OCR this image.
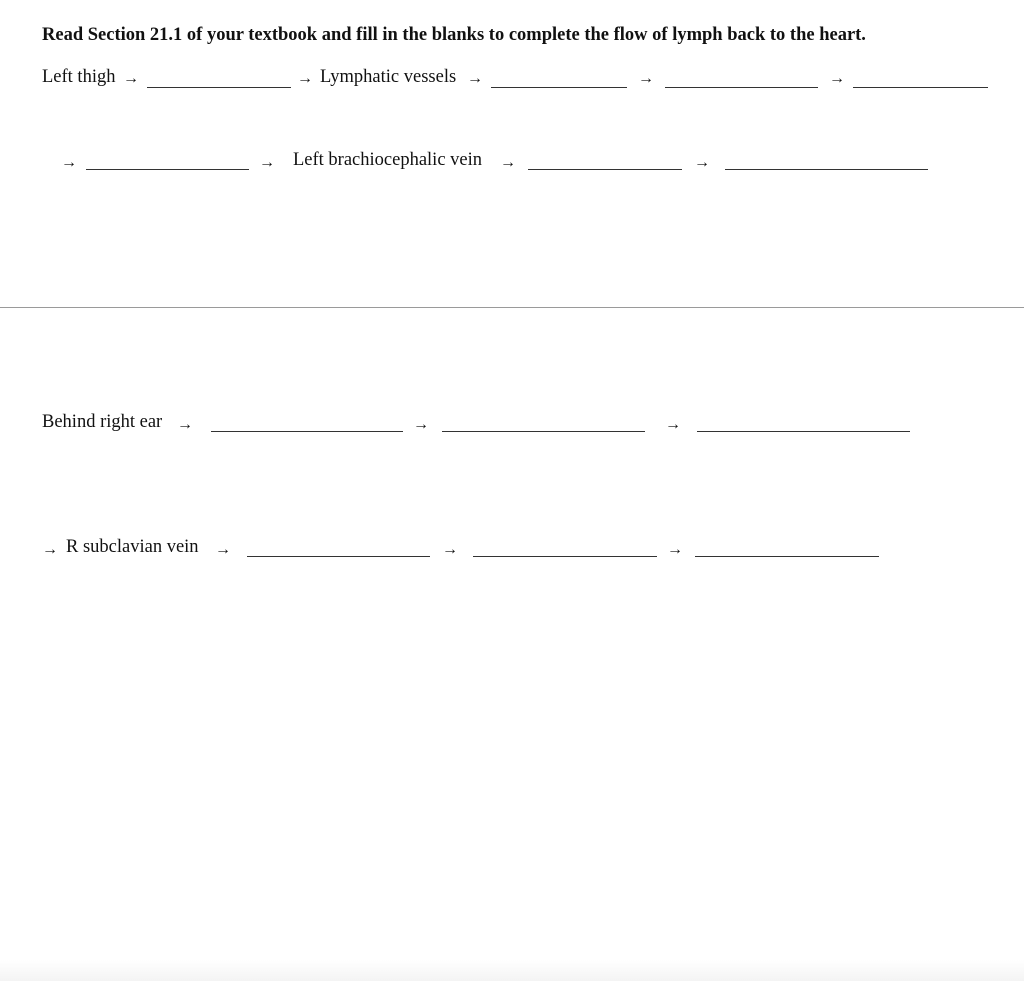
Read Section 21.1 of your textbook and fill in the blanks to complete the flow of lymph back to the heart.
Left thigh →	→ Lymphatic vessels →	→	→
→	→ Left brachiocephalic vein →	→
Behind right ear →	→	→
→ R subclavian vein →	→	→
